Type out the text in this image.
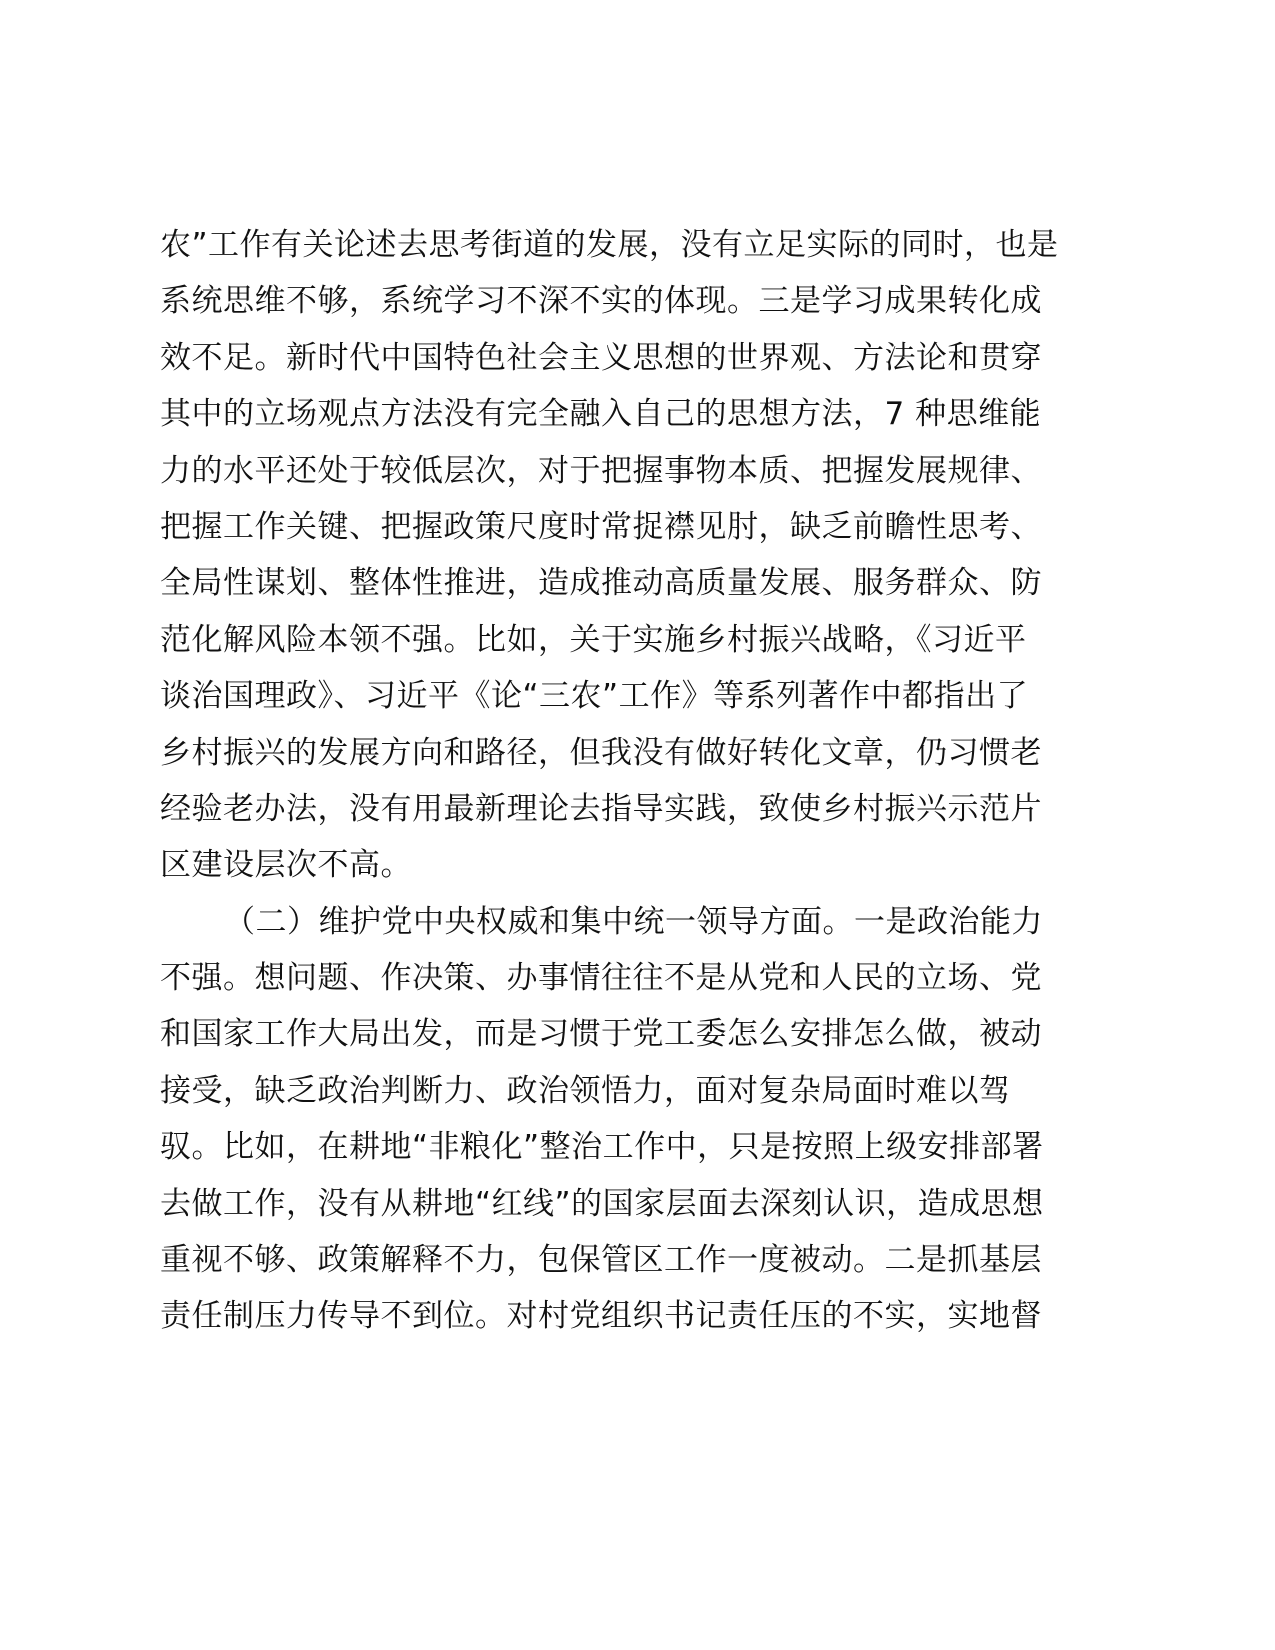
农”工作有关论述去思考街道的发展，没有立足实际的同时，也是
系统思维不够，系统学习不深不实的体现。三是学习成果转化成
效不足。新时代中国特色社会主义思想的世界观、方法论和贯穿
其中的立场观点方法没有完全融入自己的思想方法，7 种思维能
力的水平还处于较低层次，对于把握事物本质、把握发展规律、
把握工作关键、把握政策尺度时常捉襟见肘，缺乏前瞻性思考、
全局性谋划、整体性推进，造成推动高质量发展、服务群众、防
范化解风险本领不强。比如，关于实施乡村振兴战略，《习近平
谈治国理政》、习近平《论“三农”工作》等系列著作中都指出了
乡村振兴的发展方向和路径，但我没有做好转化文章，仍习惯老
经验老办法，没有用最新理论去指导实践，致使乡村振兴示范片
区建设层次不高。
（二）维护党中央权威和集中统一领导方面。一是政治能力
不强。想问题、作决策、办事情往往不是从党和人民的立场、党
和国家工作大局出发，而是习惯于党工委怎么安排怎么做，被动
接受，缺乏政治判断力、政治领悟力，面对复杂局面时难以驾
驭。比如，在耕地“非粮化”整治工作中，只是按照上级安排部署
去做工作，没有从耕地“红线”的国家层面去深刻认识，造成思想
重视不够、政策解释不力，包保管区工作一度被动。二是抓基层
责任制压力传导不到位。对村党组织书记责任压的不实，实地督
